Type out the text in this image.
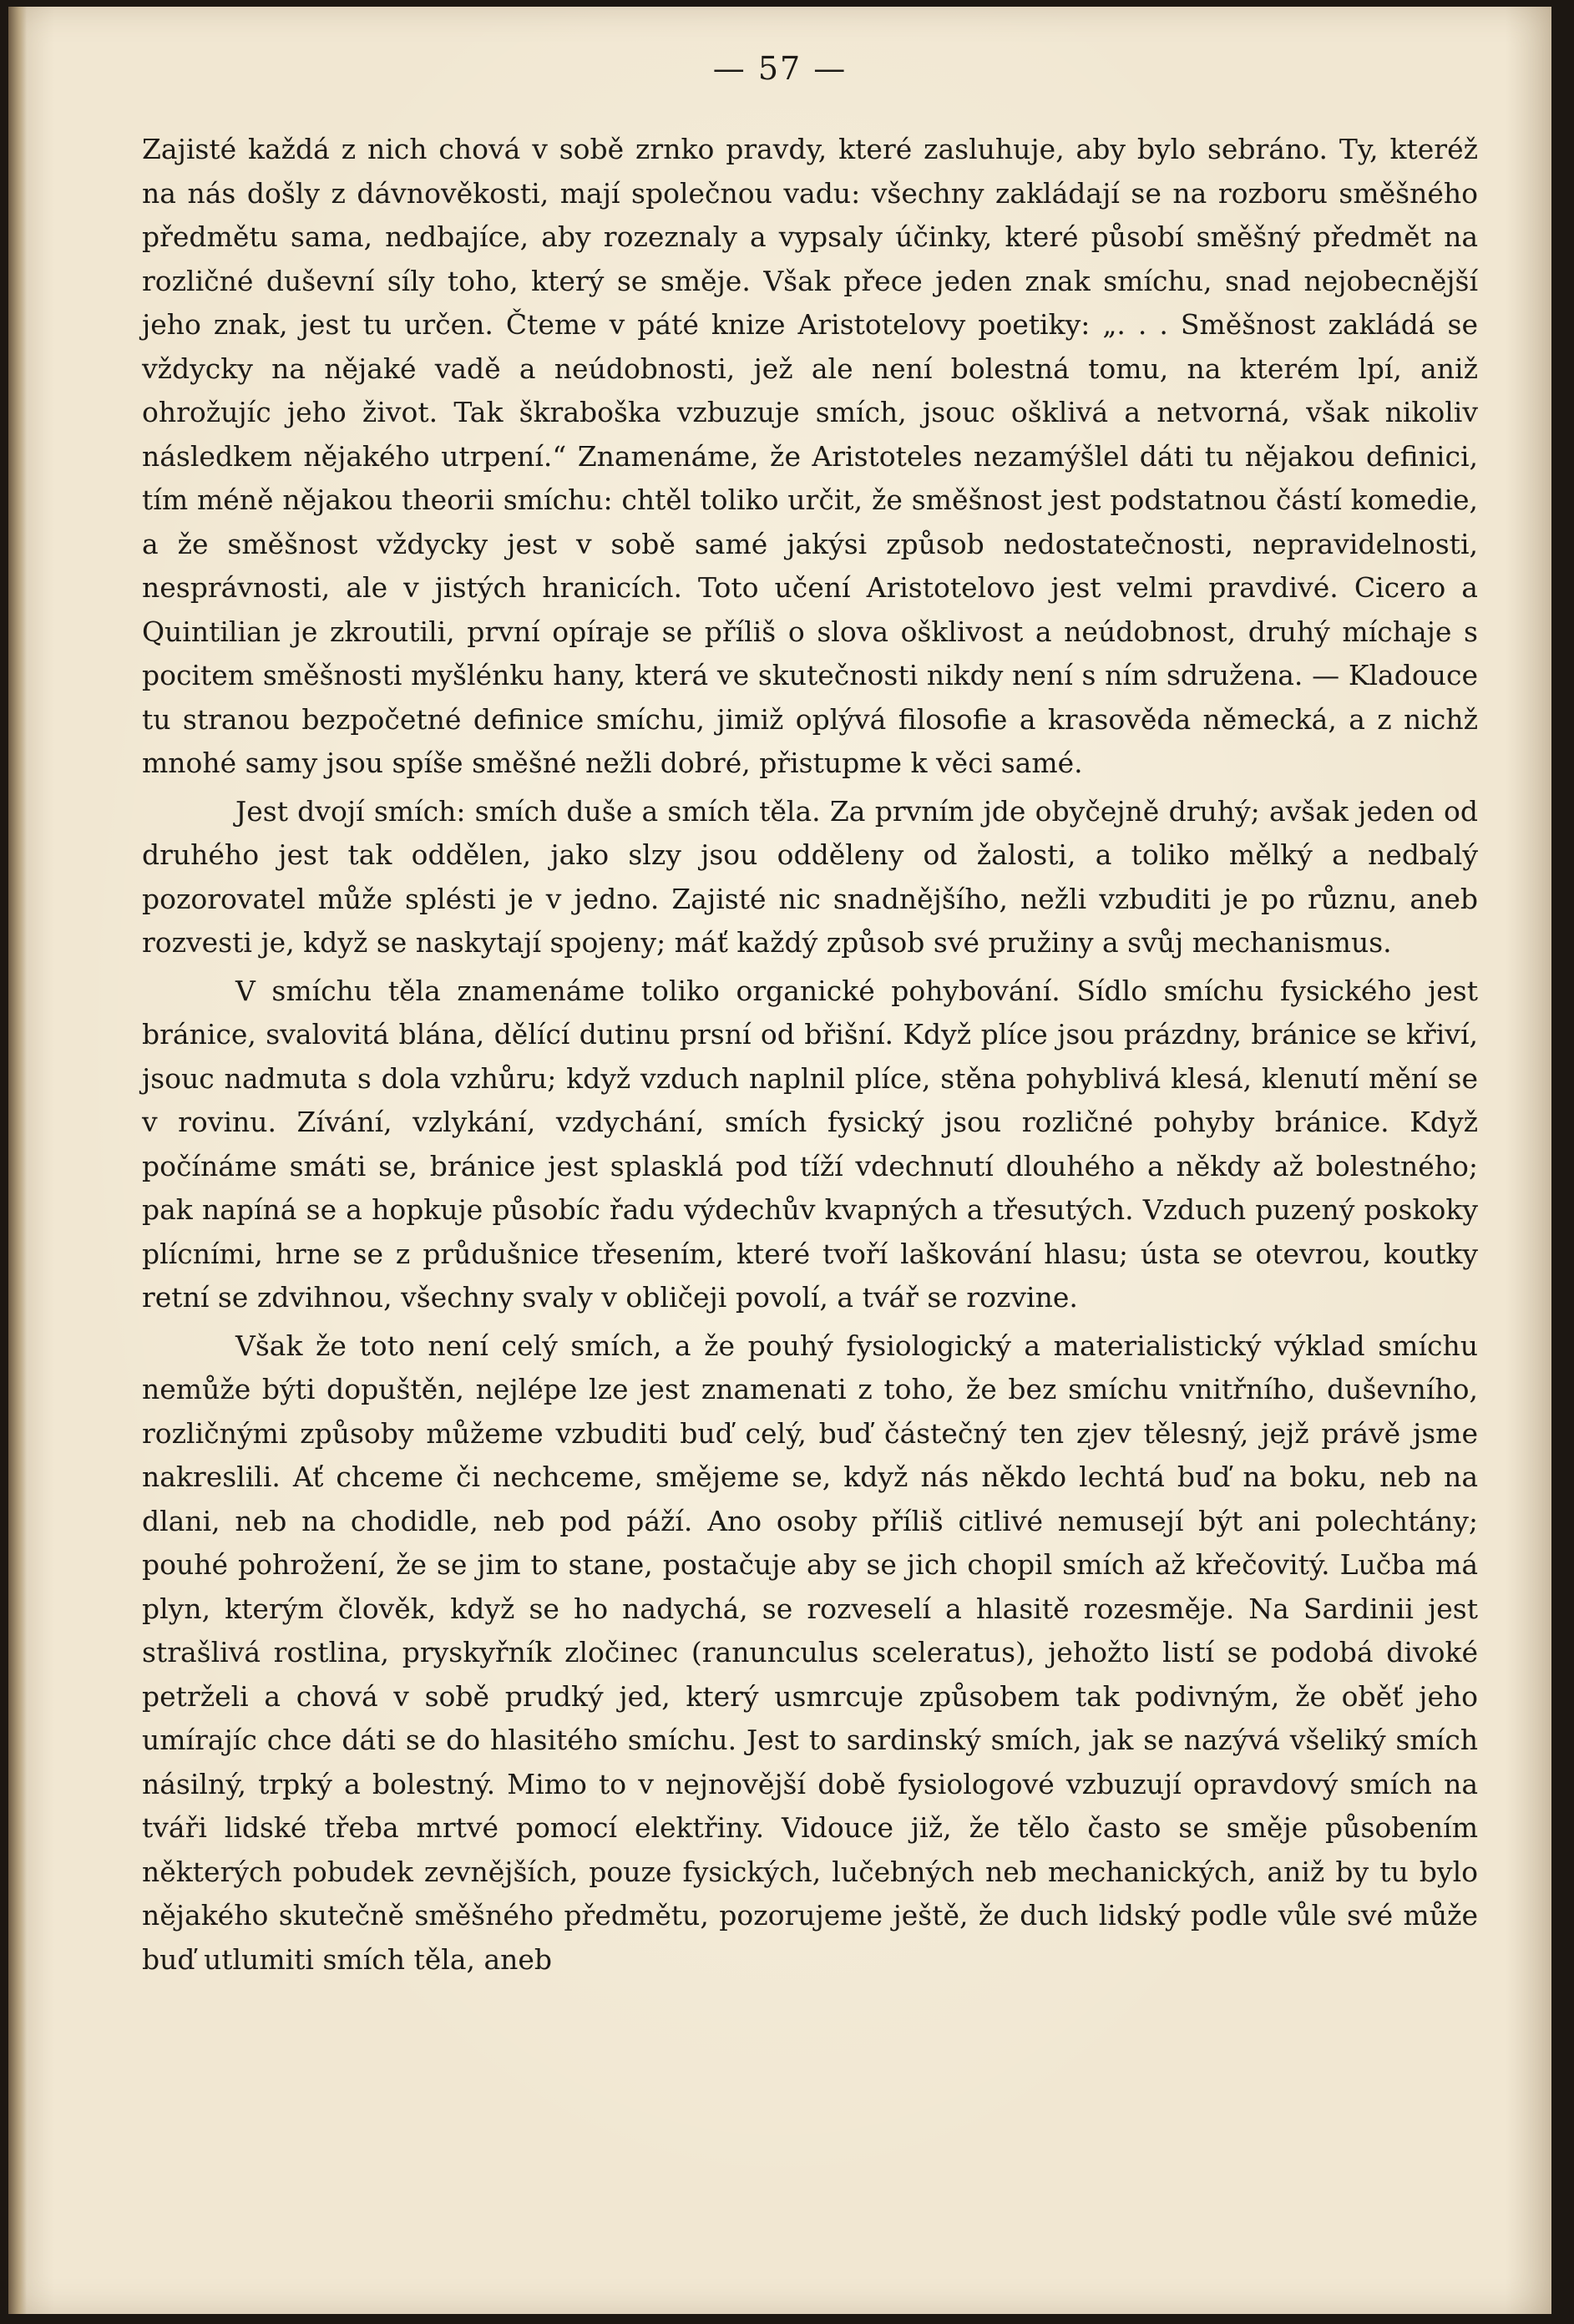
— 57 —

Zajisté každá z nich chová v sobě zrnko pravdy, které zasluhuje, aby bylo sebráno. Ty, kteréž na nás došly z dávnověkosti, mají společnou vadu: všechny zakládají se na rozboru směšného předmětu sama, nedbajíce, aby rozeznaly a vypsaly účinky, které působí směšný předmět na rozličné duševní síly toho, který se směje. Však přece jeden znak smíchu, snad nejobecnější jeho znak, jest tu určen. Čteme v páté knize Aristotelovy poetiky: „. . . Směšnost zakládá se vždycky na nějaké vadě a neúdobnosti, jež ale není bolestná tomu, na kterém lpí, aniž ohrožujíc jeho život. Tak škraboška vzbuzuje smích, jsouc ošklivá a netvorná, však nikoliv následkem nějakého utrpení.“ Znamenáme, že Aristoteles nezamýšlel dáti tu nějakou definici, tím méně nějakou theorii smíchu: chtěl toliko určit, že směšnost jest podstatnou částí komedie, a že směšnost vždycky jest v sobě samé jakýsi způsob nedostatečnosti, nepravidelnosti, nesprávnosti, ale v jistých hranicích. Toto učení Aristotelovo jest velmi pravdivé. Cicero a Quintilian je zkroutili, první opíraje se příliš o slova ošklivost a neúdobnost, druhý míchaje s pocitem směšnosti myšlénku hany, která ve skutečnosti nikdy není s ním sdružena. — Kladouce tu stranou bezpočetné definice smíchu, jimiž oplývá filosofie a krasověda německá, a z nichž mnohé samy jsou spíše směšné nežli dobré, přistupme k věci samé.

Jest dvojí smích: smích duše a smích těla. Za prvním jde obyčejně druhý; avšak jeden od druhého jest tak oddělen, jako slzy jsou odděleny od žalosti, a toliko mělký a nedbalý pozorovatel může splésti je v jedno. Zajisté nic snadnějšího, nežli vzbuditi je po různu, aneb rozvesti je, když se naskytají spojeny; máť každý způsob své pružiny a svůj mechanismus.

V smíchu těla znamenáme toliko organické pohybování. Sídlo smíchu fysického jest bránice, svalovitá blána, dělící dutinu prsní od břišní. Když plíce jsou prázdny, bránice se křiví, jsouc nadmuta s dola vzhůru; když vzduch naplnil plíce, stěna pohyblivá klesá, klenutí mění se v rovinu. Zívání, vzlykání, vzdychání, smích fysický jsou rozličné pohyby bránice. Když počínáme smáti se, bránice jest splasklá pod tíží vdechnutí dlouhého a někdy až bolestného; pak napíná se a hopkuje působíc řadu výdechův kvapných a třesutých. Vzduch puzený poskoky plícními, hrne se z průdušnice třesením, které tvoří laškování hlasu; ústa se otevrou, koutky retní se zdvihnou, všechny svaly v obličeji povolí, a tvář se rozvine.

Však že toto není celý smích, a že pouhý fysiologický a materialistický výklad smíchu nemůže býti dopuštěn, nejlépe lze jest znamenati z toho, že bez smíchu vnitřního, duševního, rozličnými způsoby můžeme vzbuditi buď celý, buď částečný ten zjev tělesný, jejž právě jsme nakreslili. Ať chceme či nechceme, smějeme se, když nás někdo lechtá buď na boku, neb na dlani, neb na chodidle, neb pod páží. Ano osoby příliš citlivé nemusejí být ani polechtány; pouhé pohrožení, že se jim to stane, postačuje aby se jich chopil smích až křečovitý. Lučba má plyn, kterým člověk, když se ho nadychá, se rozveselí a hlasitě rozesměje. Na Sardinii jest strašlivá rostlina, pryskyřník zločinec (ranunculus sceleratus), jehožto listí se podobá divoké petrželi a chová v sobě prudký jed, který usmrcuje způsobem tak podivným, že oběť jeho umírajíc chce dáti se do hlasitého smíchu. Jest to sardinský smích, jak se nazývá všeliký smích násilný, trpký a bolestný. Mimo to v nejnovější době fysiologové vzbuzují opravdový smích na tváři lidské třeba mrtvé pomocí elektřiny. Vidouce již, že tělo často se směje působením některých pobudek zevnějších, pouze fysických, lučebných neb mechanických, aniž by tu bylo nějakého skutečně směšného předmětu, pozorujeme ještě, že duch lidský podle vůle své může buď utlumiti smích těla, aneb
